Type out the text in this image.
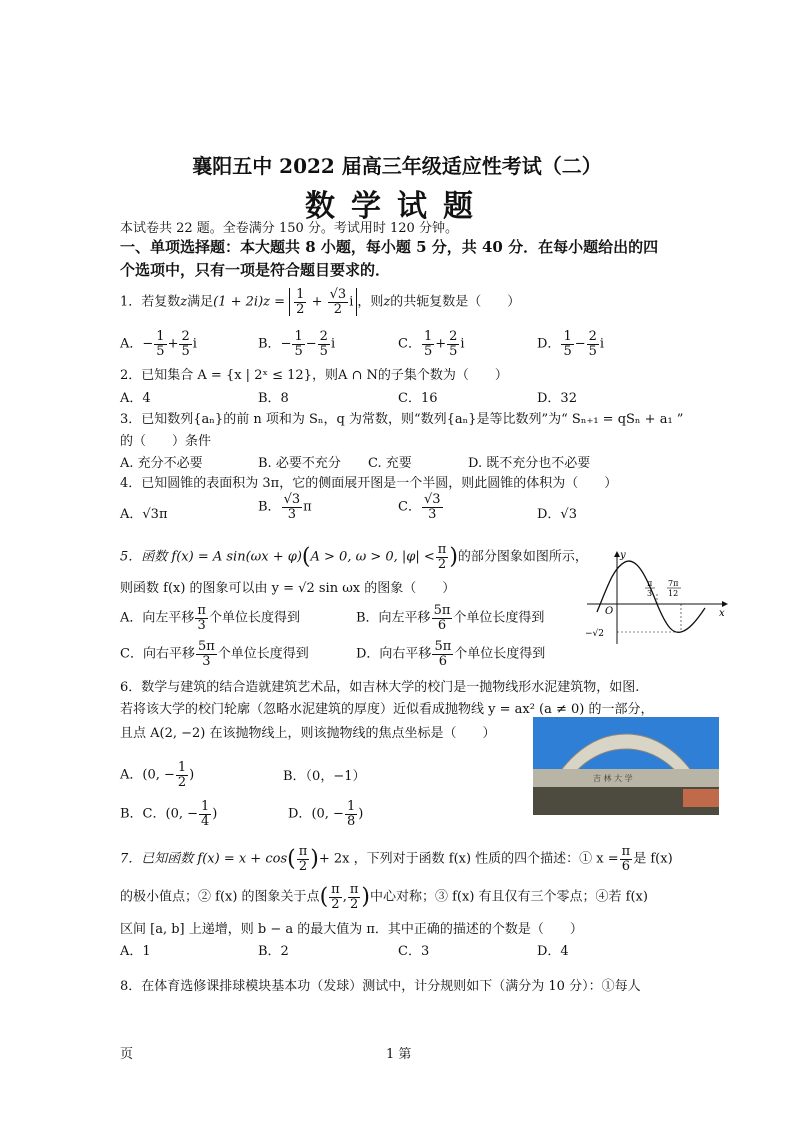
襄阳五中 2022 届高三年级适应性考试（二）
数学试题
本试卷共 22 题。全卷满分 150 分。考试用时 120 分钟。
一、单项选择题：本大题共 8 小题，每小题 5 分，共 40 分．在每小题给出的四
个选项中，只有一项是符合题目要求的．
1．若复数z满足$(1 + 2i)z = \frac{1}{2} + \frac{√3}{2}$ i ，则z的共轭复数是（　　）
A．− $\frac{1}{5} + \frac{2}{5}$ i	B．− $\frac{1}{5} - \frac{2}{5}$ i	C． $\frac{1}{5} + \frac{2}{5}$ i	D． $\frac{1}{5} - \frac{2}{5}$ i
2．已知集合 A = {x | 2ˣ ≤ 12}，则A ∩ N的子集个数为（　　）
A．4	B．8	C．16	D．32
3．已知数列{aₙ}的前 n 项和为 Sₙ，q 为常数，则“数列{aₙ}是等比数列”为“ Sₙ₊₁ = qSₙ + a₁ ”
的（　　）条件
A. 充分不必要	B. 必要不充分 C. 充要	D. 既不充分也不必要
4．已知圆锥的表面积为 3π，它的侧面展开图是一个半圆，则此圆锥的体积为（　　）
A．√3π	B． $\frac{√3}{3}$ π	C． $\frac{√3}{3}$	D．√3
5．函数 f(x) = A sin(ωx + φ)(A > 0, ω > 0, $|\varphi| < \frac{\pi}{2}$ )的部分图象如图所示，
则函数 f(x) 的图象可以由 y = √2 sin ωx 的图象（　　）
A．向左平移 $\frac{\pi}{3}$ 个单位长度得到	B．向左平移 $\frac{5\pi}{6}$ 个单位长度得到
C．向右平移 $\frac{5\pi}{3}$ 个单位长度得到	D．向右平移 $\frac{5\pi}{6}$ 个单位长度得到
y
x
O
π
3
7π
12
−√2
6．数学与建筑的结合造就建筑艺术品，如吉林大学的校门是一抛物线形水泥建筑物，如图.
若将该大学的校门轮廓（忽略水泥建筑的厚度）近似看成抛物线 y = ax² (a ≠ 0) 的一部分，
且点 A(2, −2) 在该抛物线上，则该抛物线的焦点坐标是（　　）
A．(0, − $\frac{1}{2}$ )	B．（0，−1）
B．C．(0, − $\frac{1}{4}$ )	D．(0, − $\frac{1}{8}$ )
吉 林 大 学
7．已知函数 $f(x) = x + \cos( \frac{\pi}{2}$ )+ 2x ，下列对于函数 f(x) 性质的四个描述：① $x = \frac{\pi}{6}$ 是 f(x)
的极小值点；② f(x) 的图象关于点( $\frac{\pi}{2}$ , $\frac{\pi}{2}$ )中心对称；③ f(x) 有且仅有三个零点；④若 f(x)
区间 [a, b] 上递增，则 b − a 的最大值为 π．其中正确的描述的个数是（　　）
A．1	B．2	C．3	D．4
8．在体育选修课排球模块基本功（发球）测试中，计分规则如下（满分为 10 分）：①每人
页	1 第
